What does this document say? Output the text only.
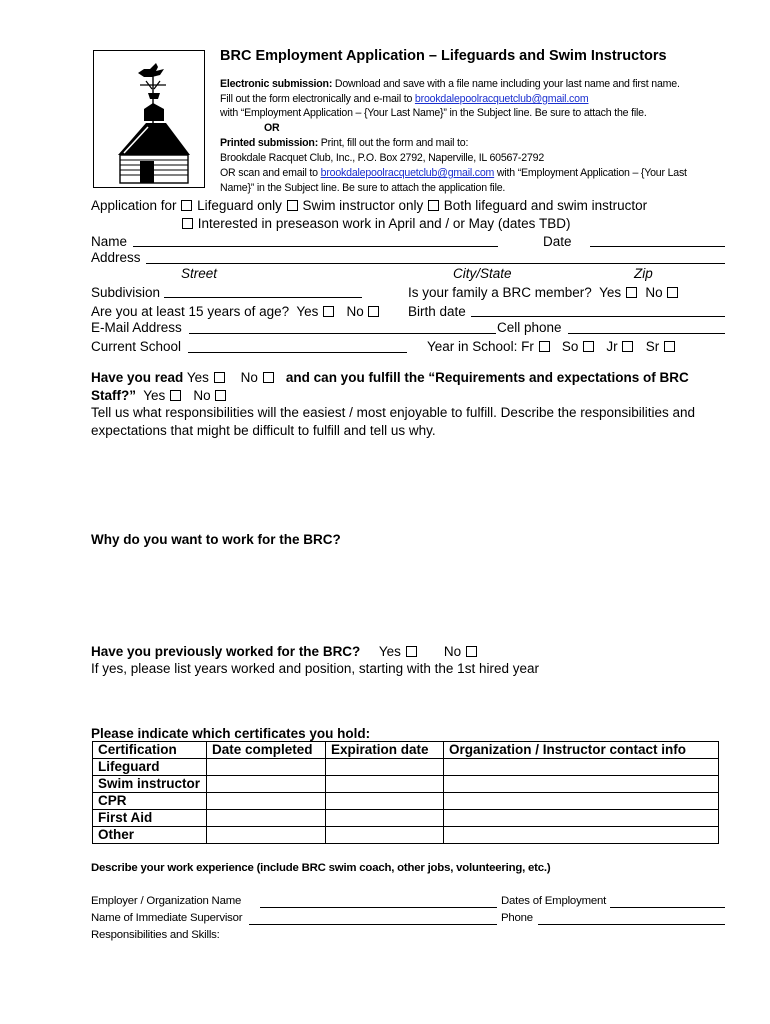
BRC Employment Application – Lifeguards and Swim Instructors
Electronic submission: Download and save with a file name including your last name and first name.
Fill out the form electronically and e-mail to brookdalepoolracquetclub@gmail.com
with “Employment Application – {Your Last Name}” in the Subject line. Be sure to attach the file.
OR
Printed submission: Print, fill out the form and mail to:
Brookdale Racquet Club, Inc., P.O. Box 2792, Naperville, IL 60567-2792
OR scan and email to brookdalepoolracquetclub@gmail.com with “Employment Application – {Your Last
Name}” in the Subject line. Be sure to attach the application file.
Application for Lifeguard only Swim instructor only Both lifeguard and swim instructor
Interested in preseason work in April and / or May (dates TBD)
Name	Date
Address
Street	City/State	Zip
Subdivision	Is your family a BRC member? Yes No
Are you at least 15 years of age? Yes No	Birth date
E-Mail Address	Cell phone
Current School	Year in School: Fr So Jr Sr
Have you read Yes No and can you fulfill the “Requirements and expectations of BRC
Staff?” Yes No
Tell us what responsibilities will the easiest / most enjoyable to fulfill. Describe the responsibilities and
expectations that might be difficult to fulfill and tell us why.
Why do you want to work for the BRC?
Have you previously worked for the BRC? Yes	No
If yes, please list years worked and position, starting with the 1st hired year
Please indicate which certificates you hold:
Certification	Date completed	Expiration date	Organization / Instructor contact info
Lifeguard			
Swim instructor			
CPR			
First Aid			
Other			
Describe your work experience (include BRC swim coach, other jobs, volunteering, etc.)
Employer / Organization Name	Dates of Employment
Name of Immediate Supervisor	Phone
Responsibilities and Skills:
